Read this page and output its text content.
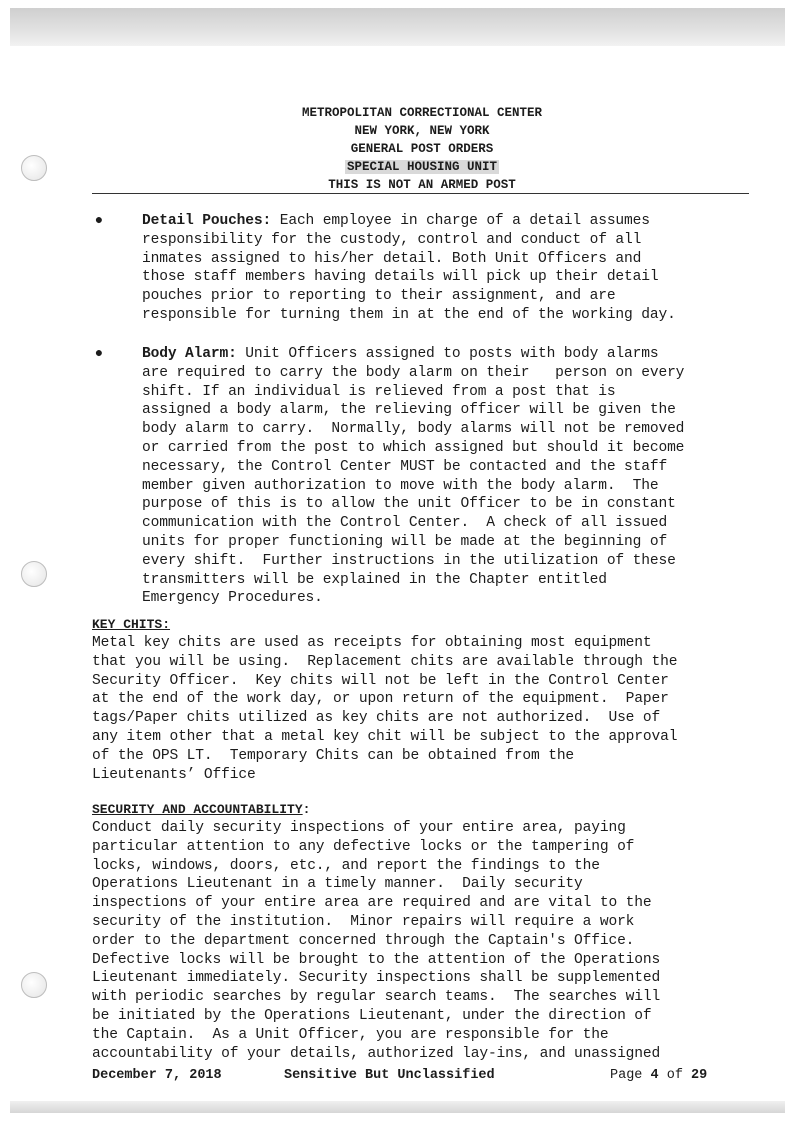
METROPOLITAN CORRECTIONAL CENTER
NEW YORK, NEW YORK
GENERAL POST ORDERS
SPECIAL HOUSING UNIT
THIS IS NOT AN ARMED POST
●	Detail Pouches: Each employee in charge of a detail assumes
responsibility for the custody, control and conduct of all
inmates assigned to his/her detail. Both Unit Officers and
those staff members having details will pick up their detail
pouches prior to reporting to their assignment, and are
responsible for turning them in at the end of the working day.
●	Body Alarm: Unit Officers assigned to posts with body alarms
are required to carry the body alarm on their   person on every
shift. If an individual is relieved from a post that is
assigned a body alarm, the relieving officer will be given the
body alarm to carry.  Normally, body alarms will not be removed
or carried from the post to which assigned but should it become
necessary, the Control Center MUST be contacted and the staff
member given authorization to move with the body alarm.  The
purpose of this is to allow the unit Officer to be in constant
communication with the Control Center.  A check of all issued
units for proper functioning will be made at the beginning of
every shift.  Further instructions in the utilization of these
transmitters will be explained in the Chapter entitled
Emergency Procedures.
KEY CHITS:
Metal key chits are used as receipts for obtaining most equipment
that you will be using.  Replacement chits are available through the
Security Officer.  Key chits will not be left in the Control Center
at the end of the work day, or upon return of the equipment.  Paper
tags/Paper chits utilized as key chits are not authorized.  Use of
any item other that a metal key chit will be subject to the approval
of the OPS LT.  Temporary Chits can be obtained from the
Lieutenants’ Office
SECURITY AND ACCOUNTABILITY:
Conduct daily security inspections of your entire area, paying
particular attention to any defective locks or the tampering of
locks, windows, doors, etc., and report the findings to the
Operations Lieutenant in a timely manner.  Daily security
inspections of your entire area are required and are vital to the
security of the institution.  Minor repairs will require a work
order to the department concerned through the Captain's Office.
Defective locks will be brought to the attention of the Operations
Lieutenant immediately. Security inspections shall be supplemented
with periodic searches by regular search teams.  The searches will
be initiated by the Operations Lieutenant, under the direction of
the Captain.  As a Unit Officer, you are responsible for the
accountability of your details, authorized lay-ins, and unassigned
December 7, 2018	Sensitive But Unclassified	Page 4 of 29
